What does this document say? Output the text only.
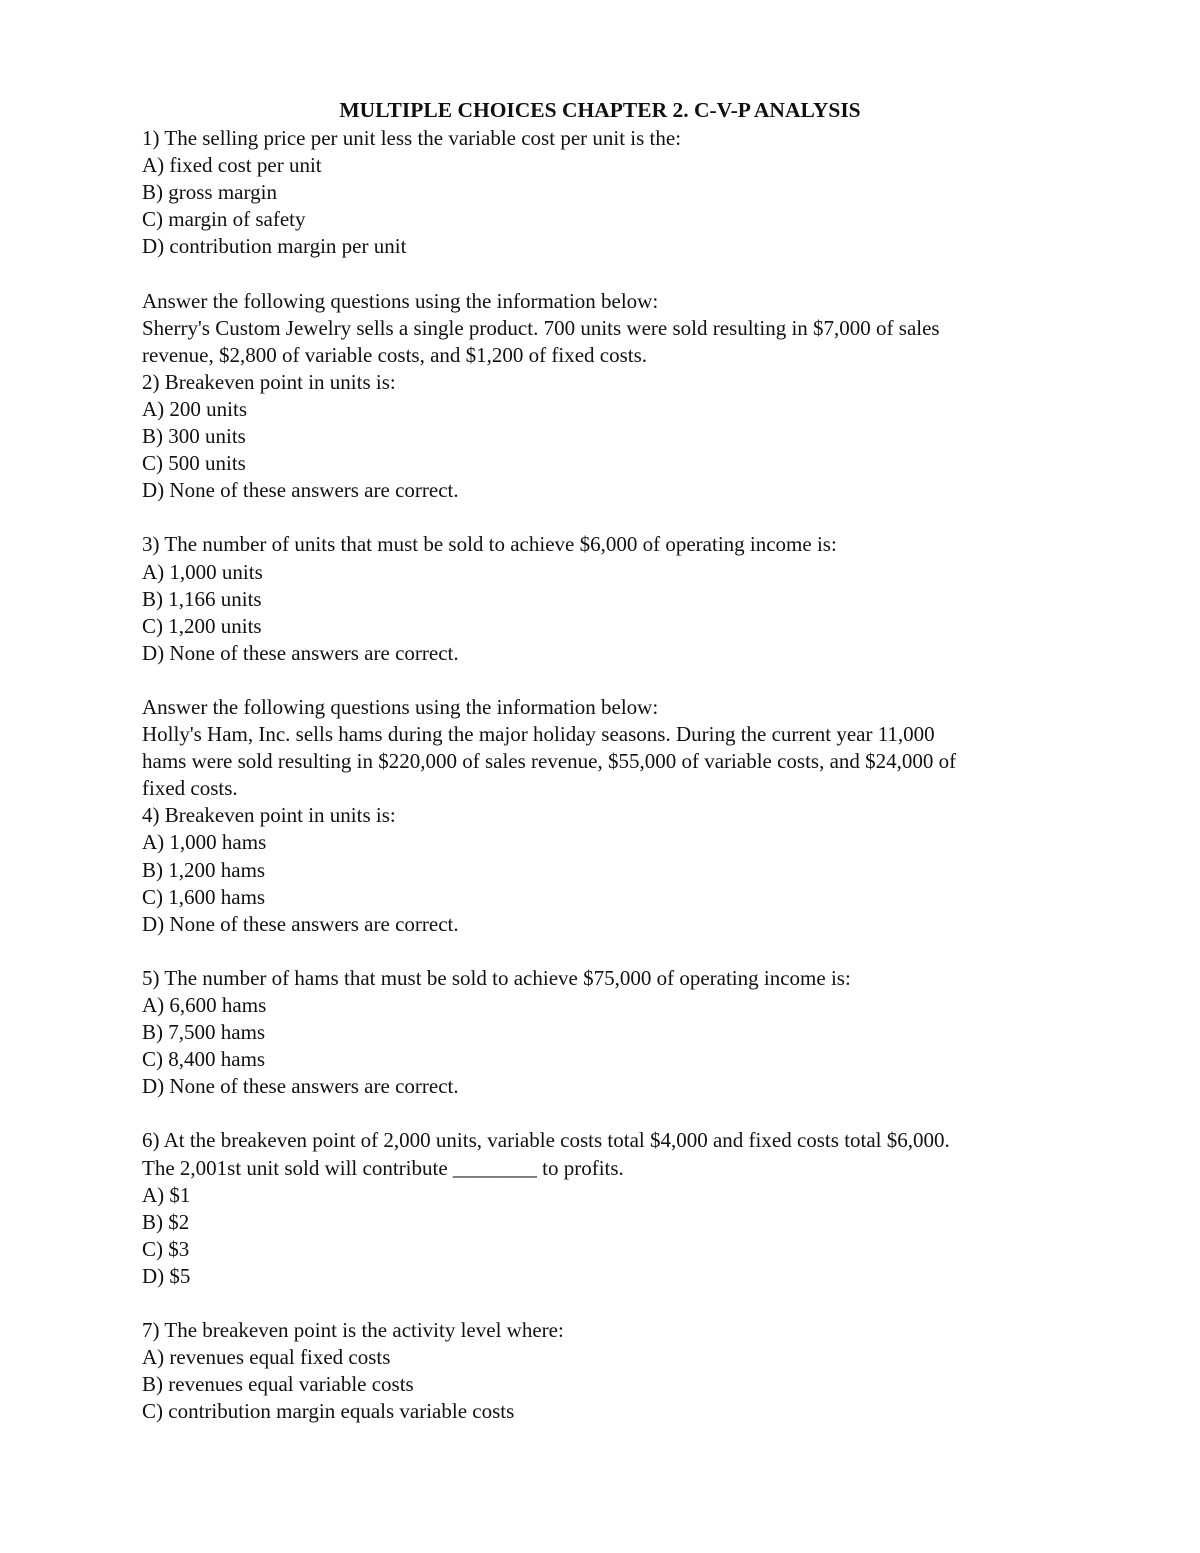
MULTIPLE CHOICES CHAPTER 2. C-V-P ANALYSIS
1) The selling price per unit less the variable cost per unit is the:
A) fixed cost per unit
B) gross margin
C) margin of safety
D) contribution margin per unit
Answer the following questions using the information below:
Sherry's Custom Jewelry sells a single product. 700 units were sold resulting in $7,000 of sales
revenue, $2,800 of variable costs, and $1,200 of fixed costs.
2) Breakeven point in units is:
A) 200 units
B) 300 units
C) 500 units
D) None of these answers are correct.
3) The number of units that must be sold to achieve $6,000 of operating income is:
A) 1,000 units
B) 1,166 units
C) 1,200 units
D) None of these answers are correct.
Answer the following questions using the information below:
Holly's Ham, Inc. sells hams during the major holiday seasons. During the current year 11,000
hams were sold resulting in $220,000 of sales revenue, $55,000 of variable costs, and $24,000 of
fixed costs.
4) Breakeven point in units is:
A) 1,000 hams
B) 1,200 hams
C) 1,600 hams
D) None of these answers are correct.
5) The number of hams that must be sold to achieve $75,000 of operating income is:
A) 6,600 hams
B) 7,500 hams
C) 8,400 hams
D) None of these answers are correct.
6) At the breakeven point of 2,000 units, variable costs total $4,000 and fixed costs total $6,000.
The 2,001st unit sold will contribute ________ to profits.
A) $1
B) $2
C) $3
D) $5
7) The breakeven point is the activity level where:
A) revenues equal fixed costs
B) revenues equal variable costs
C) contribution margin equals variable costs
